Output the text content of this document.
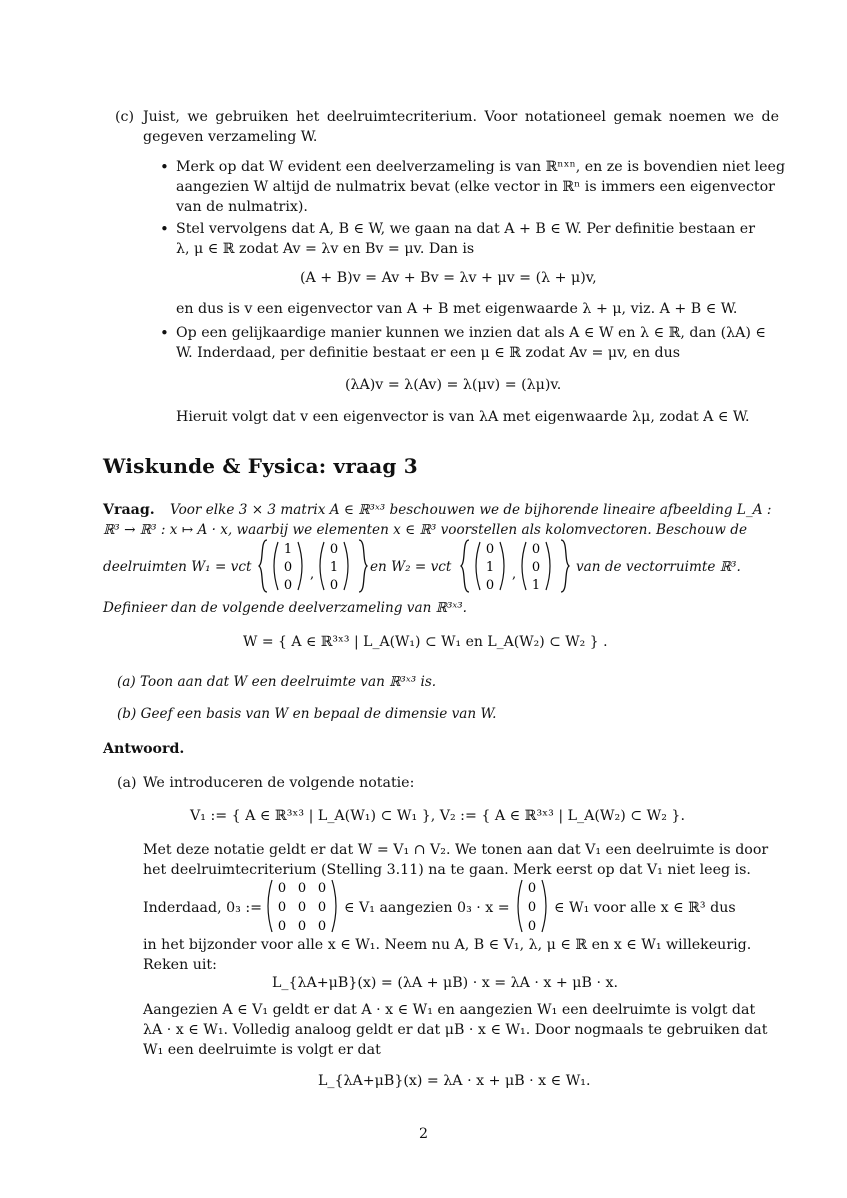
(c) Juist, we gebruiken het deelruimtecriterium. Voor notationeel gemak noemen we de
gegeven verzameling W.
• Merk op dat W evident een deelverzameling is van ℝⁿˣⁿ, en ze is bovendien niet leeg
aangezien W altijd de nulmatrix bevat (elke vector in ℝⁿ is immers een eigenvector
van de nulmatrix).
• Stel vervolgens dat A, B ∈ W, we gaan na dat A + B ∈ W. Per definitie bestaan er
λ, μ ∈ ℝ zodat Av = λv en Bv = μv. Dan is
(A + B)v = Av + Bv = λv + μv = (λ + μ)v,
en dus is v een eigenvector van A + B met eigenwaarde λ + μ, viz. A + B ∈ W.
• Op een gelijkaardige manier kunnen we inzien dat als A ∈ W en λ ∈ ℝ, dan (λA) ∈
W. Inderdaad, per definitie bestaat er een μ ∈ ℝ zodat Av = μv, en dus
(λA)v = λ(Av) = λ(μv) = (λμ)v.
Hieruit volgt dat v een eigenvector is van λA met eigenwaarde λμ, zodat A ∈ W.
Wiskunde & Fysica: vraag 3
Vraag. Voor elke 3 × 3 matrix A ∈ ℝ³ˣ³ beschouwen we de bijhorende lineaire afbeelding L_A :
ℝ³ → ℝ³ : x ↦ A · x, waarbij we elementen x ∈ ℝ³ voorstellen als kolomvectoren. Beschouw de
deelruimten W₁ = vct
1
0
0
,
0
1
0
en W₂ = vct
0
1
0
,
0
0
1
van de vectorruimte ℝ³.
Definieer dan de volgende deelverzameling van ℝ³ˣ³.
W = { A ∈ ℝ³ˣ³ | L_A(W₁) ⊂ W₁ en L_A(W₂) ⊂ W₂ } .
(a) Toon aan dat W een deelruimte van ℝ³ˣ³ is.
(b) Geef een basis van W en bepaal de dimensie van W.
Antwoord.
(a) We introduceren de volgende notatie:
V₁ := { A ∈ ℝ³ˣ³ | L_A(W₁) ⊂ W₁ }, V₂ := { A ∈ ℝ³ˣ³ | L_A(W₂) ⊂ W₂ }.
Met deze notatie geldt er dat W = V₁ ∩ V₂. We tonen aan dat V₁ een deelruimte is door
het deelruimtecriterium (Stelling 3.11) na te gaan. Merk eerst op dat V₁ niet leeg is.
Inderdaad, 0₃ :=
0 0 0
0 0 0
0 0 0
∈ V₁ aangezien 0₃ · x =
0
0
0
∈ W₁ voor alle x ∈ ℝ³ dus
in het bijzonder voor alle x ∈ W₁. Neem nu A, B ∈ V₁, λ, μ ∈ ℝ en x ∈ W₁ willekeurig.
Reken uit:
L_{λA+μB}(x) = (λA + μB) · x = λA · x + μB · x.
Aangezien A ∈ V₁ geldt er dat A · x ∈ W₁ en aangezien W₁ een deelruimte is volgt dat
λA · x ∈ W₁. Volledig analoog geldt er dat μB · x ∈ W₁. Door nogmaals te gebruiken dat
W₁ een deelruimte is volgt er dat
L_{λA+μB}(x) = λA · x + μB · x ∈ W₁.
2
